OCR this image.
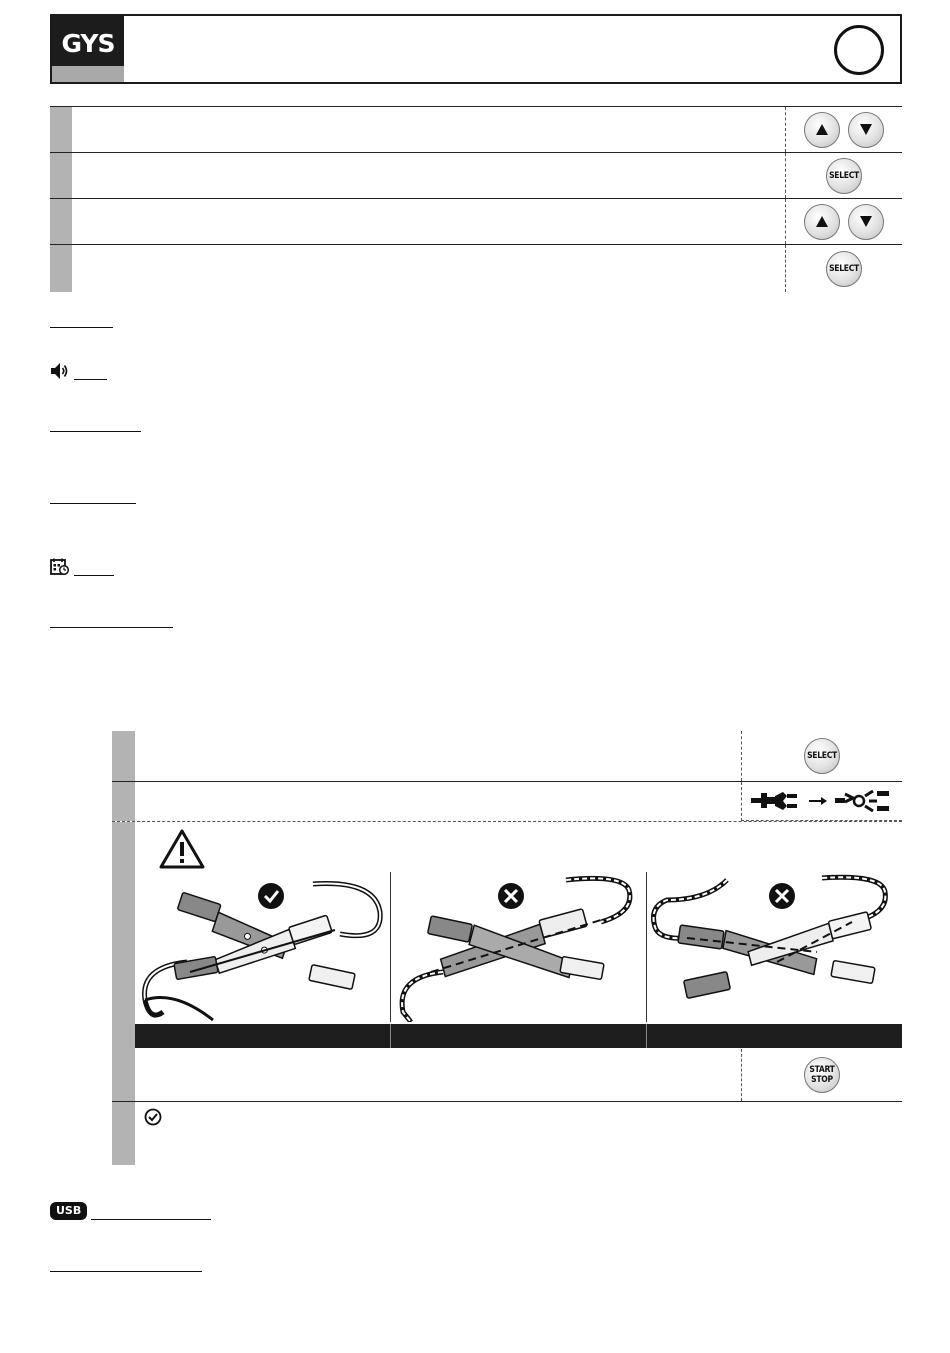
GYS
SELECT
SELECT
SELECT
START
STOP
USB
